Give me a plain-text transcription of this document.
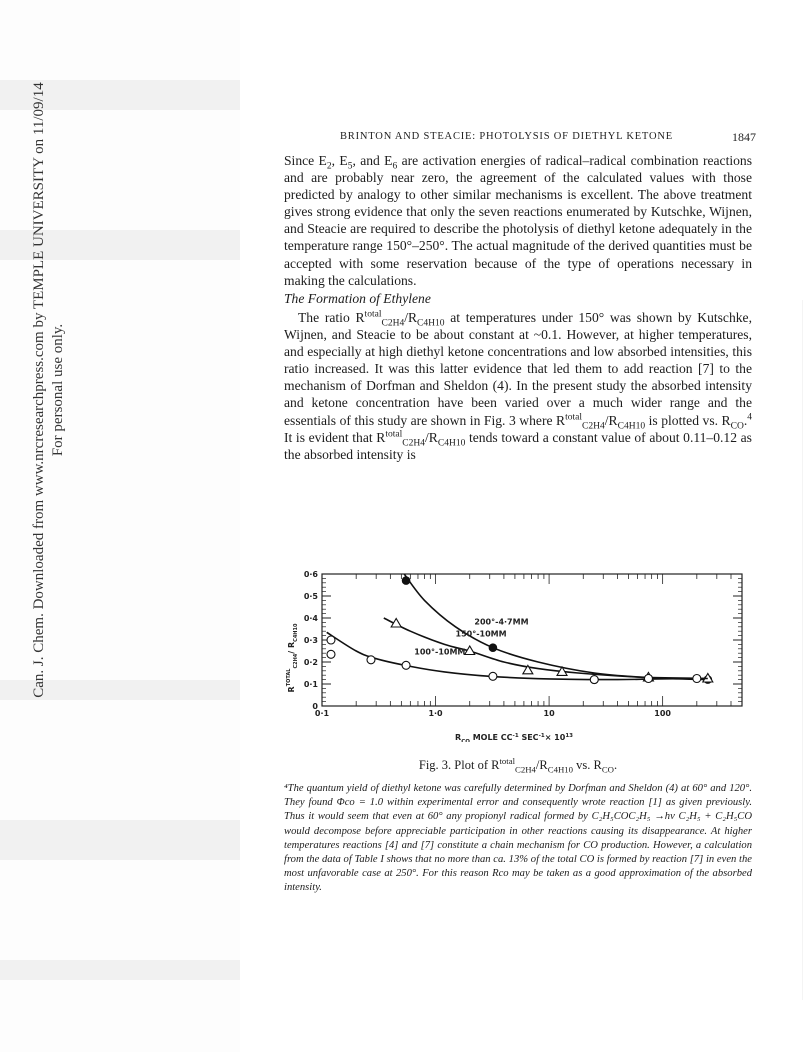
Can. J. Chem. Downloaded from www.nrcresearchpress.com by TEMPLE UNIVERSITY on 11/09/14 For personal use only.
BRINTON AND STEACIE: PHOTOLYSIS OF DIETHYL KETONE	1847

Since $E_2$, $E_5$, and $E_6$ are activation energies of radical–radical combination reactions and are probably near zero, the agreement of the calculated values with those predicted by analogy to other similar mechanisms is excellent. The above treatment gives strong evidence that only the seven reactions enumerated by Kutschke, Wijnen, and Steacie are required to describe the photolysis of diethyl ketone adequately in the temperature range 150°–250°. The actual magnitude of the derived quantities must be accepted with some reservation because of the type of operations necessary in making the calculations.

The Formation of Ethylene

The ratio $R^{total}_{C2H4}/R_{C4H10}$ at temperatures under 150° was shown by Kutschke, Wijnen, and Steacie to be about constant at ~0.1. However, at higher temperatures, and especially at high diethyl ketone concentrations and low absorbed intensities, this ratio increased. It was this latter evidence that led them to add reaction [7] to the mechanism of Dorfman and Sheldon (4). In the present study the absorbed intensity and ketone concentration have been varied over a much wider range and the essentials of this study are shown in Fig. 3 where $R^{total}_{C2H4}/R_{C4H10}$ is plotted vs. $R_{CO}.^4$ It is evident that $R^{total}_{C2H4}/R_{C4H10}$ tends toward a constant value of about 0.11–0.12 as the absorbed intensity is

$R^{TOTAL}_{C2H4}/$ $R_{C4H10}$
$R_{CO}$ MOLE $CC^{-1}$ $SEC^{-1}\times 10^{13}$
0
0·1
0·2
0·3
0·4
0·5
0·6
0·1	1·0	10	100
200°-4·7MM
150°-10MM
100°-10MM
Fig. 3. Plot of $R^{total}_{C2H4}/R_{C4H10}$ vs. $R_{CO}$.
⁴The quantum yield of diethyl ketone was carefully determined by Dorfman and Sheldon (4) at 60° and 120°. They found Φco = 1.0 within experimental error and consequently wrote reaction [1] as given previously. Thus it would seem that even at 60° any propionyl radical formed by C₂H₅COC₂H₅ →hν C₂H₅ + C₂H₅CO would decompose before appreciable participation in other reactions causing its disappearance. At higher temperatures reactions [4] and [7] constitute a chain mechanism for CO production. However, a calculation from the data of Table I shows that no more than ca. 13% of the total CO is formed by reaction [7] in even the most unfavorable case at 250°. For this reason Rco may be taken as a good approximation of the absorbed intensity.
